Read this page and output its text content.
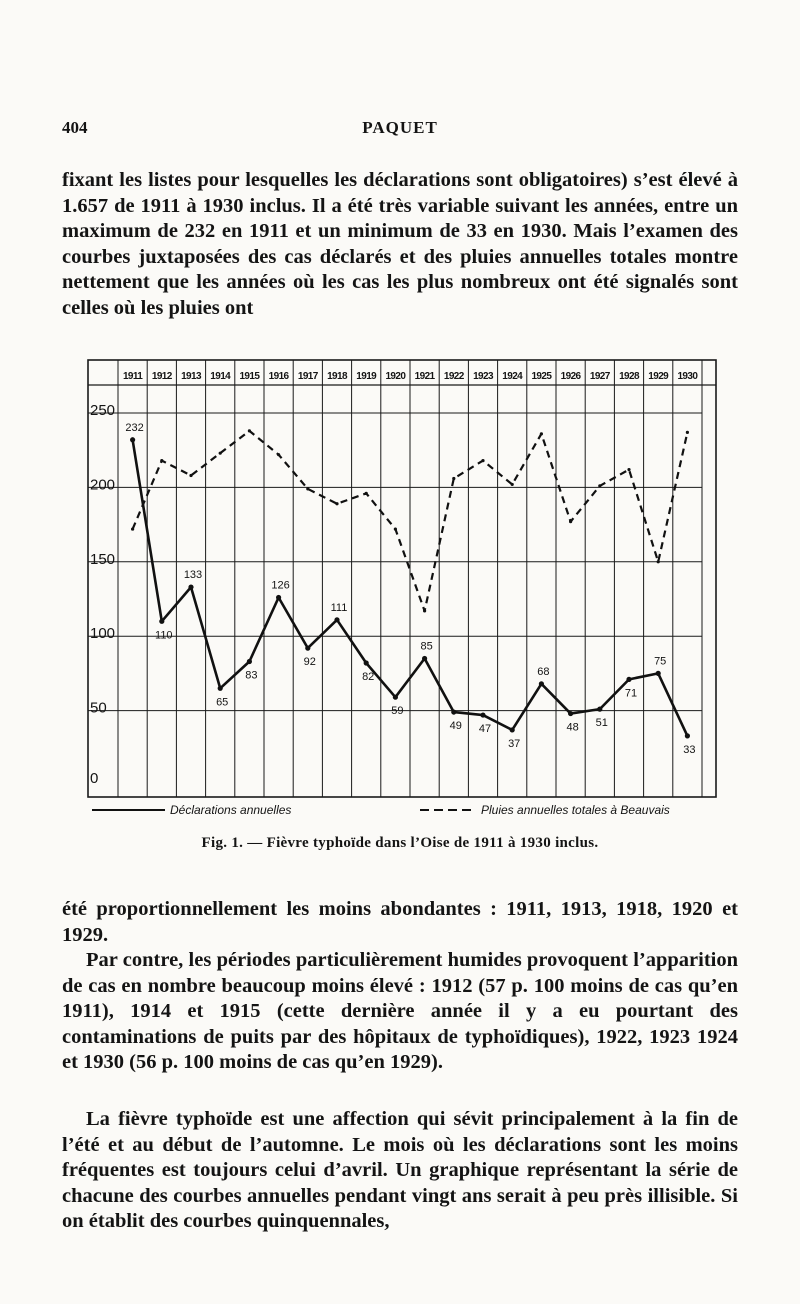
404	PAQUET

fixant les listes pour lesquelles les déclarations sont obligatoires) s’est élevé à 1.657 de 1911 à 1930 inclus. Il a été très variable suivant les années, entre un maximum de 232 en 1911 et un minimum de 33 en 1930. Mais l’examen des courbes juxtaposées des cas déclarés et des pluies annuelles totales montre nettement que les années où les cas les plus nombreux ont été signalés sont celles où les pluies ont

250
200
150
100
50
0
1911 1912 1913 1914 1915 1916 1917 1918 1919 1920 1921 1922 1923 1924 1925 1926 1927 1928 1929 1930
232
110
133
65
83
126
92
111
82
59
85
49 47
37
68
48 51
71
75
33
Déclarations annuelles	Pluies annuelles totales à Beauvais

Fig. 1. — Fièvre typhoïde dans l’Oise de 1911 à 1930 inclus.

été proportionnellement les moins abondantes : 1911, 1913, 1918, 1920 et 1929.

Par contre, les périodes particulièrement humides provoquent l’apparition de cas en nombre beaucoup moins élevé : 1912 (57 p. 100 moins de cas qu’en 1911), 1914 et 1915 (cette dernière année il y a eu pourtant des contaminations de puits par des hôpitaux de typhoïdiques), 1922, 1923 1924 et 1930 (56 p. 100 moins de cas qu’en 1929).

La fièvre typhoïde est une affection qui sévit principalement à la fin de l’été et au début de l’automne. Le mois où les déclarations sont les moins fréquentes est toujours celui d’avril. Un graphique représentant la série de chacune des courbes annuelles pendant vingt ans serait à peu près illisible. Si on établit des courbes quinquennales,
